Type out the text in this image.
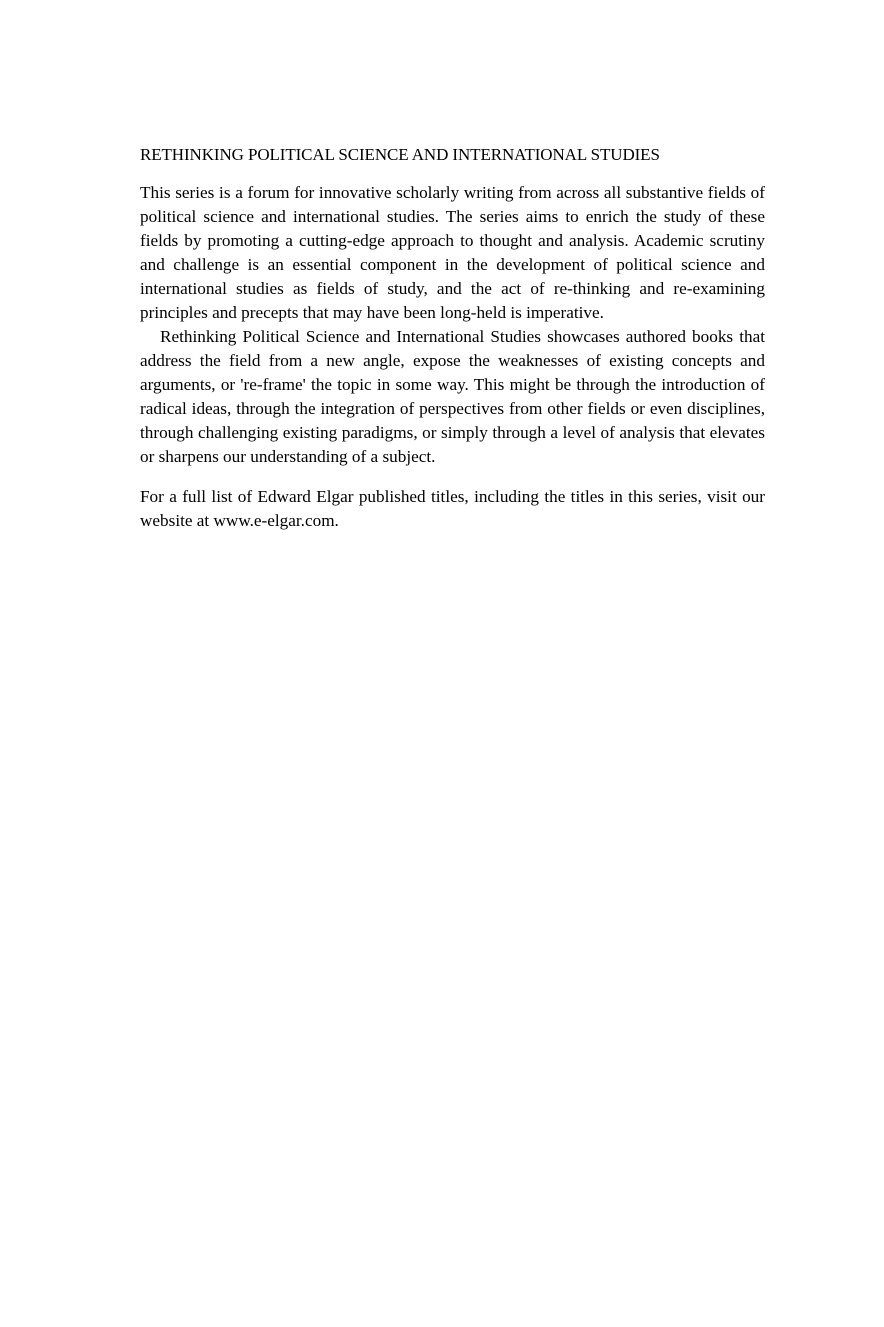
RETHINKING POLITICAL SCIENCE AND INTERNATIONAL STUDIES

This series is a forum for innovative scholarly writing from across all substantive fields of political science and international studies. The series aims to enrich the study of these fields by promoting a cutting-edge approach to thought and analysis. Academic scrutiny and challenge is an essential component in the development of political science and international studies as fields of study, and the act of re-thinking and re-examining principles and precepts that may have been long-held is imperative.

Rethinking Political Science and International Studies showcases authored books that address the field from a new angle, expose the weaknesses of existing concepts and arguments, or 're-frame' the topic in some way. This might be through the introduction of radical ideas, through the integration of perspectives from other fields or even disciplines, through challenging existing paradigms, or simply through a level of analysis that elevates or sharpens our understanding of a subject.

For a full list of Edward Elgar published titles, including the titles in this series, visit our website at www.e-elgar.com.
